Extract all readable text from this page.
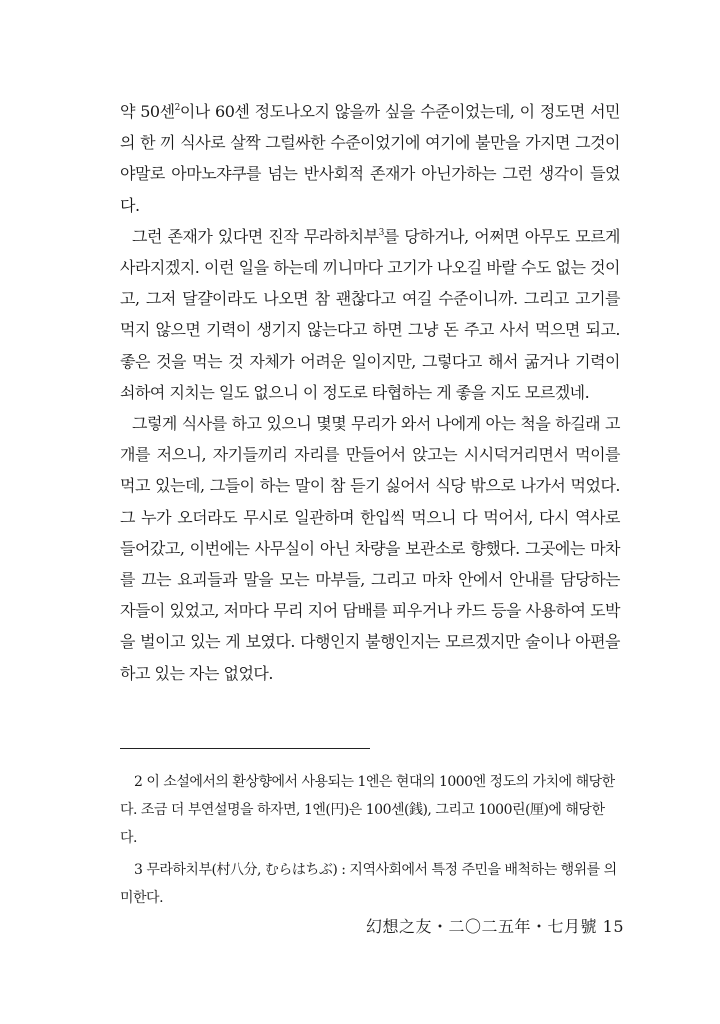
약 50센$^2$이나 60센 정도나오지 않을까 싶을 수준이었는데, 이 정도면 서민의 한 끼 식사로 살짝 그럴싸한 수준이었기에 여기에 불만을 가지면 그것이야말로 아마노쟈쿠를 넘는 반사회적 존재가 아닌가하는 그런 생각이 들었다.

그런 존재가 있다면 진작 무라하치부$^3$를 당하거나, 어쩌면 아무도 모르게 사라지겠지. 이런 일을 하는데 끼니마다 고기가 나오길 바랄 수도 없는 것이고, 그저 달걀이라도 나오면 참 괜찮다고 여길 수준이니까. 그리고 고기를 먹지 않으면 기력이 생기지 않는다고 하면 그냥 돈 주고 사서 먹으면 되고. 좋은 것을 먹는 것 자체가 어려운 일이지만, 그렇다고 해서 굶거나 기력이 쇠하여 지치는 일도 없으니 이 정도로 타협하는 게 좋을 지도 모르겠네.

그렇게 식사를 하고 있으니 몇몇 무리가 와서 나에게 아는 척을 하길래 고개를 저으니, 자기들끼리 자리를 만들어서 앉고는 시시덕거리면서 먹이를 먹고 있는데, 그들이 하는 말이 참 듣기 싫어서 식당 밖으로 나가서 먹었다. 그 누가 오더라도 무시로 일관하며 한입씩 먹으니 다 먹어서, 다시 역사로 들어갔고, 이번에는 사무실이 아닌 차량을 보관소로 향했다. 그곳에는 마차를 끄는 요괴들과 말을 모는 마부들, 그리고 마차 안에서 안내를 담당하는 자들이 있었고, 저마다 무리 지어 담배를 피우거나 카드 등을 사용하여 도박을 벌이고 있는 게 보였다. 다행인지 불행인지는 모르겠지만 술이나 아편을 하고 있는 자는 없었다.

2 이 소설에서의 환상향에서 사용되는 1엔은 현대의 1000엔 정도의 가치에 해당한다. 조금 더 부연설명을 하자면, 1엔(円)은 100센(銭), 그리고 1000린(厘)에 해당한다.

3 무라하치부(村八分, むらはちぶ) : 지역사회에서 특정 주민을 배척하는 행위를 의미한다.

幻想之友・二〇二五年・七月號 15
